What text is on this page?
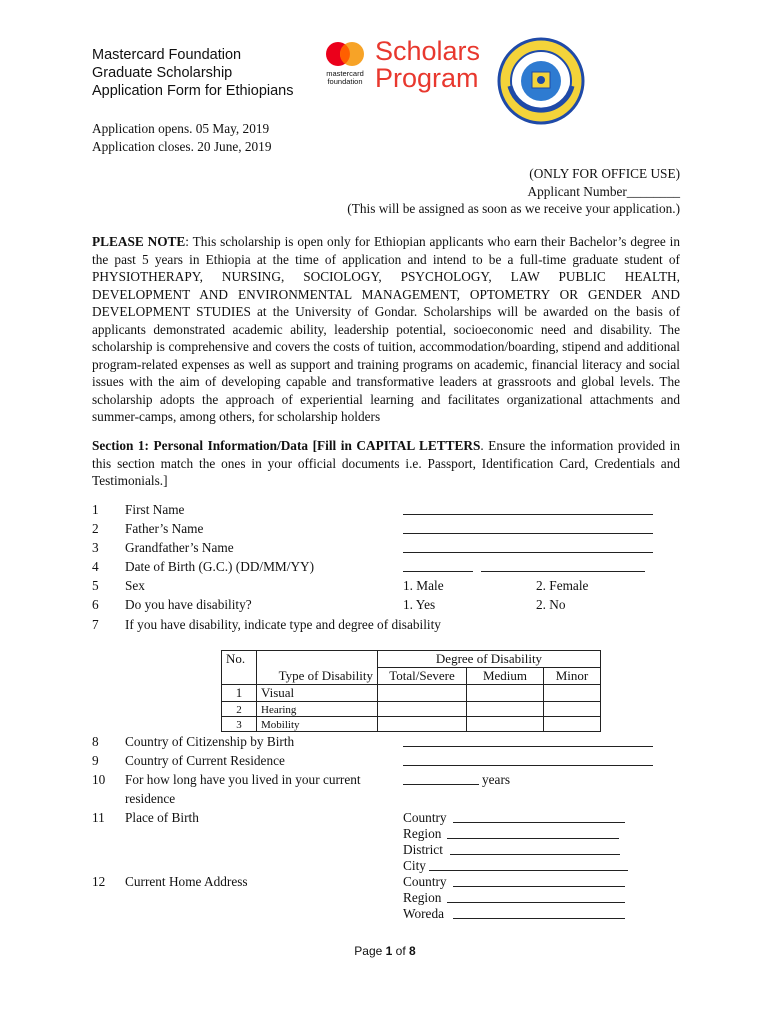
Mastercard Foundation
Graduate Scholarship
Application Form for Ethiopians
mastercard
foundation
Scholars
Program
Application opens. 05 May, 2019
Application closes. 20 June, 2019
(ONLY FOR OFFICE USE)
Applicant Number________
(This will be assigned as soon as we receive your application.)
PLEASE NOTE: This scholarship is open only for Ethiopian applicants who earn their Bachelor’s degree in the past 5 years in Ethiopia at the time of application and intend to be a full-time graduate student of PHYSIOTHERAPY, NURSING, SOCIOLOGY, PSYCHOLOGY, LAW PUBLIC HEALTH, DEVELOPMENT AND ENVIRONMENTAL MANAGEMENT, OPTOMETRY OR GENDER AND DEVELOPMENT STUDIES at the University of Gondar. Scholarships will be awarded on the basis of applicants demonstrated academic ability, leadership potential, socioeconomic need and disability. The scholarship is comprehensive and covers the costs of tuition, accommodation/boarding, stipend and additional program-related expenses as well as support and training programs on academic, financial literacy and social issues with the aim of developing capable and transformative leaders at grassroots and global levels. The scholarship adopts the approach of experiential learning and facilitates organizational attachments and summer-camps, among others, for scholarship holders
Section 1: Personal Information/Data [Fill in CAPITAL LETTERS. Ensure the information provided in this section match the ones in your official documents i.e. Passport, Identification Card, Credentials and Testimonials.]
1 First Name
2 Father’s Name
3 Grandfather’s Name
4 Date of Birth (G.C.) (DD/MM/YY)
5 Sex	1. Male	2. Female
6 Do you have disability?	1. Yes	2. No
7 If you have disability, indicate type and degree of disability
No.	Type of Disability	Degree of Disability		
		Total/Severe	Medium	Minor
1	Visual			
2	Hearing			
3	Mobility			
8 Country of Citizenship by Birth
9 Country of Current Residence
10 For how long have you lived in your current
residence
years
11 Place of Birth	Country
Region
District
City
12 Current Home Address	Country
Region
Woreda
Page 1 of 8
